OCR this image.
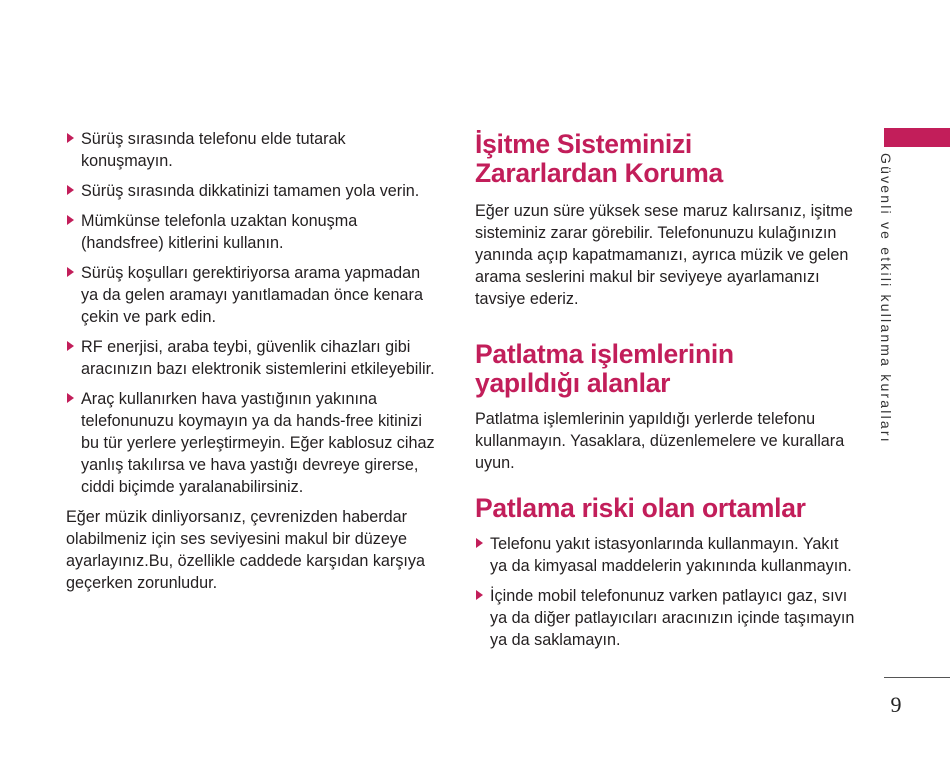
Sürüş sırasında telefonu elde tutarak konuşmayın.
Sürüş sırasında dikkatinizi tamamen yola verin.
Mümkünse telefonla uzaktan konuşma (handsfree) kitlerini kullanın.
Sürüş koşulları gerektiriyorsa arama yapmadan ya da gelen aramayı yanıtlamadan önce kenara çekin ve park edin.
RF enerjisi, araba teybi, güvenlik cihazları gibi aracınızın bazı elektronik sistemlerini etkileyebilir.
Araç kullanırken hava yastığının yakınına telefonunuzu koymayın ya da hands-free kitinizi bu tür yerlere yerleştirmeyin. Eğer kablosuz cihaz yanlış takılırsa ve hava yastığı devreye girerse, ciddi biçimde yaralanabilirsiniz.

Eğer müzik dinliyorsanız, çevrenizden haberdar olabilmeniz için ses seviyesini makul bir düzeye ayarlayınız.Bu, özellikle caddede karşıdan karşıya geçerken zorunludur.

İşitme Sisteminizi
Zararlardan Koruma

Eğer uzun süre yüksek sese maruz kalırsanız, işitme sisteminiz zarar görebilir. Telefonunuzu kulağınızın yanında açıp kapatmamanızı, ayrıca müzik ve gelen arama seslerini makul bir seviyeye ayarlamanızı tavsiye ederiz.

Patlatma işlemlerinin
yapıldığı alanlar

Patlatma işlemlerinin yapıldığı yerlerde telefonu kullanmayın. Yasaklara, düzenlemelere ve kurallara uyun.

Patlama riski olan ortamlar
Telefonu yakıt istasyonlarında kullanmayın. Yakıt ya da kimyasal maddelerin yakınında kullanmayın.
İçinde mobil telefonunuz varken patlayıcı gaz, sıvı ya da diğer patlayıcıları aracınızın içinde taşımayın ya da saklamayın.
Güvenli ve etkili kullanma kuralları
9
